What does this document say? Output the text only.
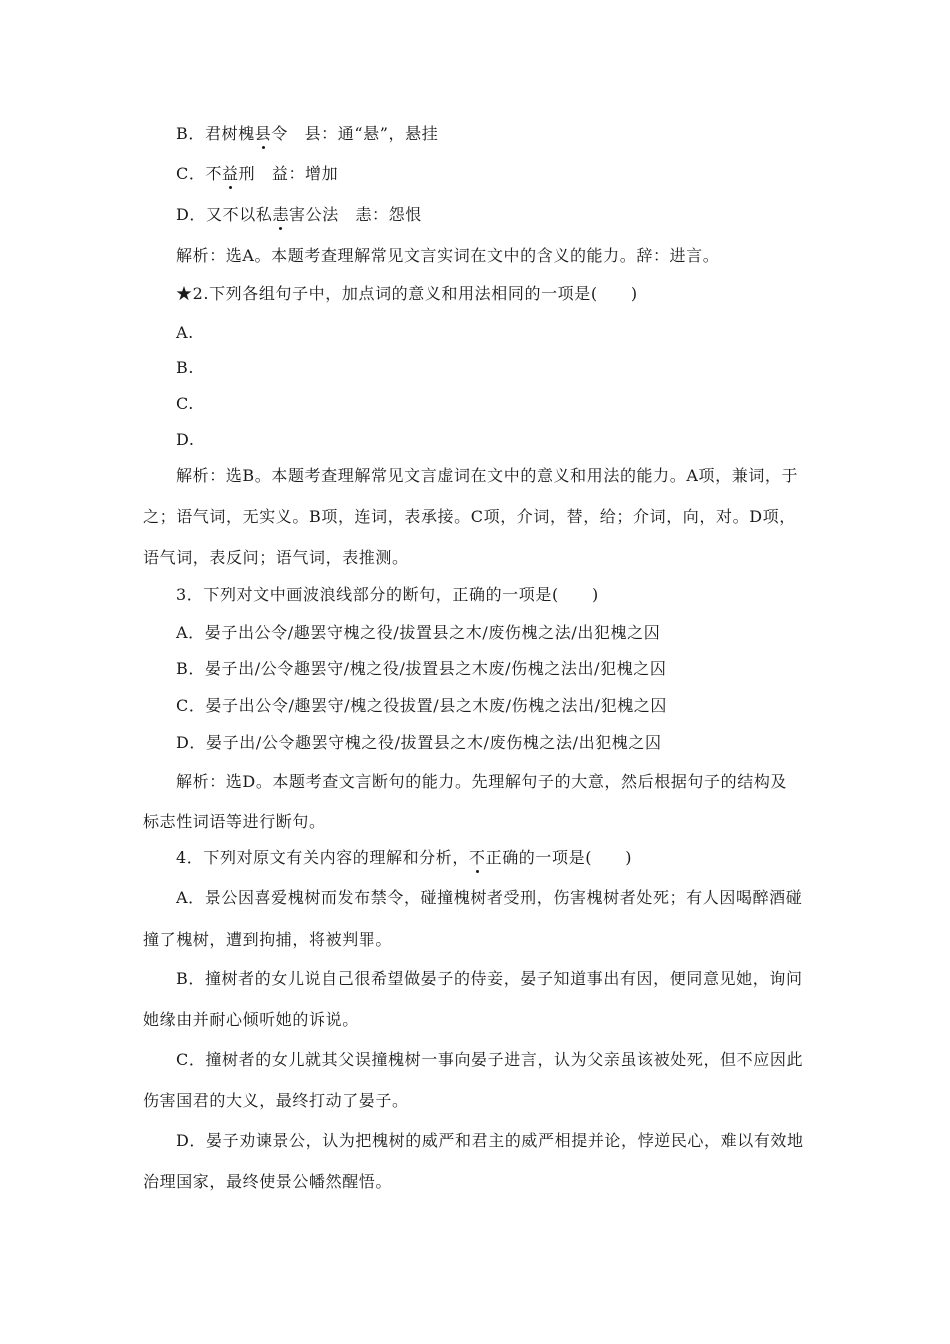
B．君树槐县令　县：通“悬”，悬挂
C．不益刑　益：增加
D．又不以私恚害公法　恚：怨恨
解析：选A。本题考查理解常见文言实词在文中的含义的能力。辞：进言。
★2.下列各组句子中，加点词的意义和用法相同的一项是(　　)
A.
B.
C.
D.
解析：选B。本题考查理解常见文言虚词在文中的意义和用法的能力。A项，兼词，于
之；语气词，无实义。B项，连词，表承接。C项，介词，替，给；介词，向，对。D项，
语气词，表反问；语气词，表推测。
3．下列对文中画波浪线部分的断句，正确的一项是(　　)
A．晏子出公令/趣罢守槐之役/拔置县之木/废伤槐之法/出犯槐之囚
B．晏子出/公令趣罢守/槐之役/拔置县之木废/伤槐之法出/犯槐之囚
C．晏子出公令/趣罢守/槐之役拔置/县之木废/伤槐之法出/犯槐之囚
D．晏子出/公令趣罢守槐之役/拔置县之木/废伤槐之法/出犯槐之囚
解析：选D。本题考查文言断句的能力。先理解句子的大意，然后根据句子的结构及
标志性词语等进行断句。
4．下列对原文有关内容的理解和分析，不正确的一项是(　　)
A．景公因喜爱槐树而发布禁令，碰撞槐树者受刑，伤害槐树者处死；有人因喝醉酒碰
撞了槐树，遭到拘捕，将被判罪。
B．撞树者的女儿说自己很希望做晏子的侍妾，晏子知道事出有因，便同意见她，询问
她缘由并耐心倾听她的诉说。
C．撞树者的女儿就其父误撞槐树一事向晏子进言，认为父亲虽该被处死，但不应因此
伤害国君的大义，最终打动了晏子。
D．晏子劝谏景公，认为把槐树的威严和君主的威严相提并论，悖逆民心，难以有效地
治理国家，最终使景公幡然醒悟。
